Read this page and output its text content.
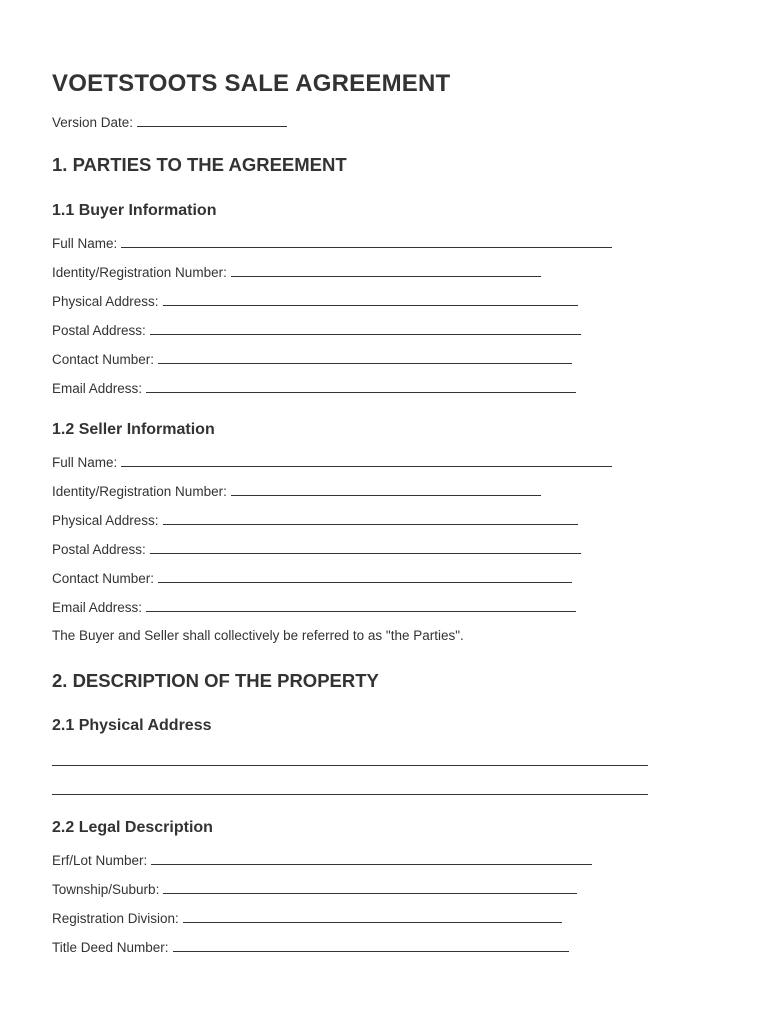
VOETSTOOTS SALE AGREEMENT
Version Date:
1. PARTIES TO THE AGREEMENT
1.1 Buyer Information
Full Name:
Identity/Registration Number:
Physical Address:
Postal Address:
Contact Number:
Email Address:
1.2 Seller Information
Full Name:
Identity/Registration Number:
Physical Address:
Postal Address:
Contact Number:
Email Address:
The Buyer and Seller shall collectively be referred to as "the Parties".
2. DESCRIPTION OF THE PROPERTY
2.1 Physical Address
2.2 Legal Description
Erf/Lot Number:
Township/Suburb:
Registration Division:
Title Deed Number:
